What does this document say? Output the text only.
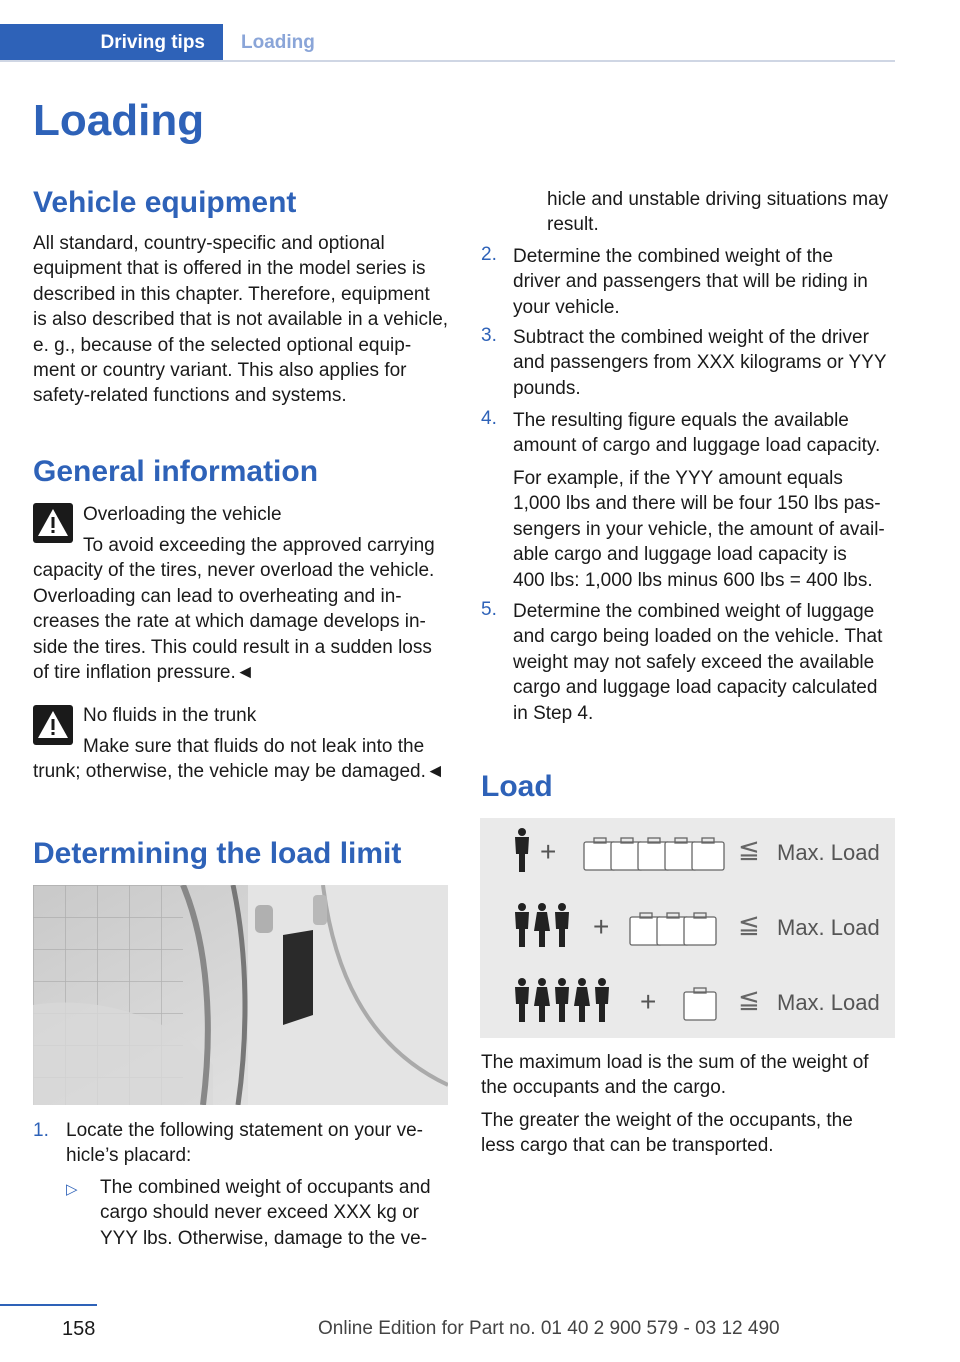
Driving tips Loading
Loading
Vehicle equipment
All standard, country-specific and optional
equipment that is offered in the model series is
described in this chapter. Therefore, equipment
is also described that is not available in a vehicle,
e. g., because of the selected optional equip-
ment or country variant. This also applies for
safety-related functions and systems.
General information
Overloading the vehicle
To avoid exceeding the approved carrying
capacity of the tires, never overload the vehicle.
Overloading can lead to overheating and in-
creases the rate at which damage develops in-
side the tires. This could result in a sudden loss
of tire inflation pressure.◄
No fluids in the trunk
Make sure that fluids do not leak into the
trunk; otherwise, the vehicle may be damaged.◄
Determining the load limit
1. Locate the following statement on your ve-
hicle’s placard:
▷ The combined weight of occupants and
cargo should never exceed XXX kg or
YYY lbs. Otherwise, damage to the ve-
hicle and unstable driving situations may
result.
2. Determine the combined weight of the
driver and passengers that will be riding in
your vehicle.
3. Subtract the combined weight of the driver
and passengers from XXX kilograms or YYY
pounds.
4. The resulting figure equals the available
amount of cargo and luggage load capacity.
5. Determine the combined weight of luggage
and cargo being loaded on the vehicle. That
weight may not safely exceed the available
cargo and luggage load capacity calculated
in Step 4.
For example, if the YYY amount equals
1,000 lbs and there will be four 150 lbs pas-
sengers in your vehicle, the amount of avail-
able cargo and luggage load capacity is
400 lbs: 1,000 lbs minus 600 lbs = 400 lbs.
Load
+
+
+
≦
≦
≦
Max. Load
Max. Load
Max. Load
The maximum load is the sum of the weight of
the occupants and the cargo.
The greater the weight of the occupants, the
less cargo that can be transported.
158	Online Edition for Part no. 01 40 2 900 579 - 03 12 490
